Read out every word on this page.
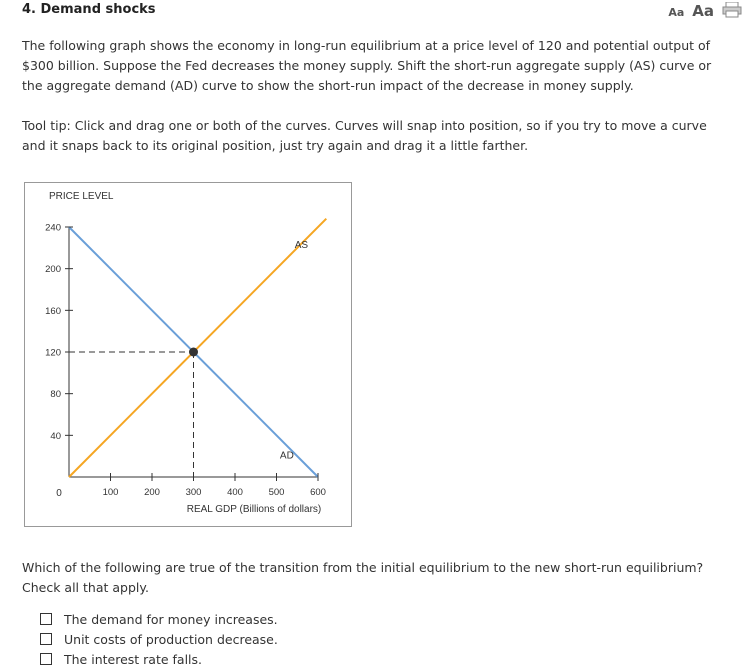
4. Demand shocks	Aa Aa
The following graph shows the economy in long-run equilibrium at a price level of 120 and potential output of $300 billion. Suppose the Fed decreases the money supply. Shift the short-run aggregate supply (AS) curve or the aggregate demand (AD) curve to show the short-run impact of the decrease in money supply.
Tool tip: Click and drag one or both of the curves. Curves will snap into position, so if you try to move a curve and it snaps back to its original position, just try again and drag it a little farther.
PRICE LEVEL
REAL GDP (Billions of dollars)
0
40
80
120
160
200
240
100	200	300	400	500	600
AS
AD
Which of the following are true of the transition from the initial equilibrium to the new short-run equilibrium? Check all that apply.
The demand for money increases.
Unit costs of production decrease.
The interest rate falls.
